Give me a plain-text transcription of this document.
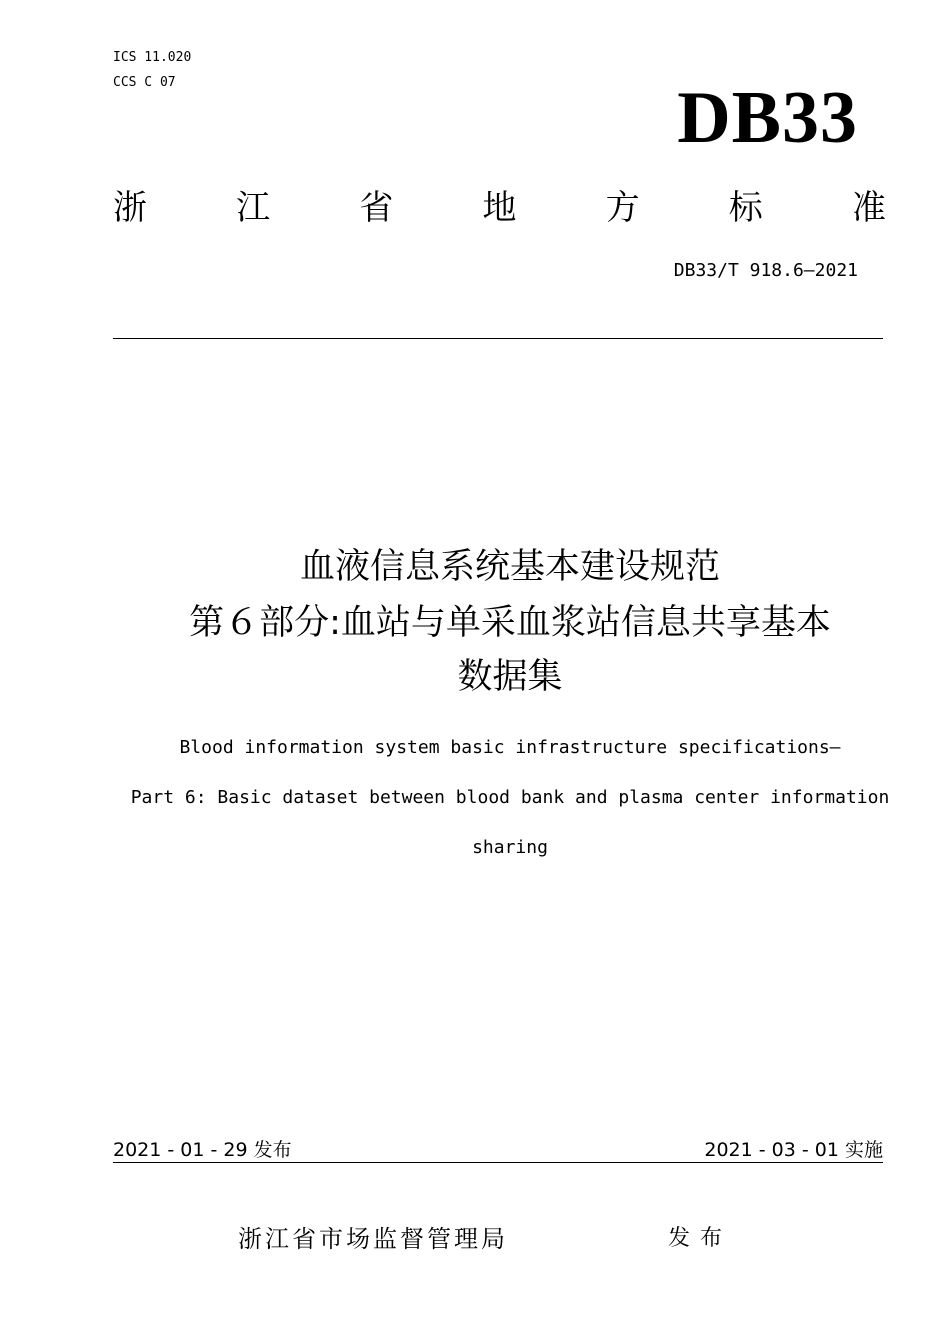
ICS 11.020
CCS C 07	DB33
浙	江	省	地	方	标	准
DB33/T 918.6—2021
血液信息系统基本建设规范
第６部分:血站与单采血浆站信息共享基本
数据集
Blood information system basic infrastructure specifications—
Part 6: Basic dataset between blood bank and plasma center information
sharing
2021 - 01 - 29 发布	2021 - 03 - 01 实施
浙江省市场监督管理局	发布
